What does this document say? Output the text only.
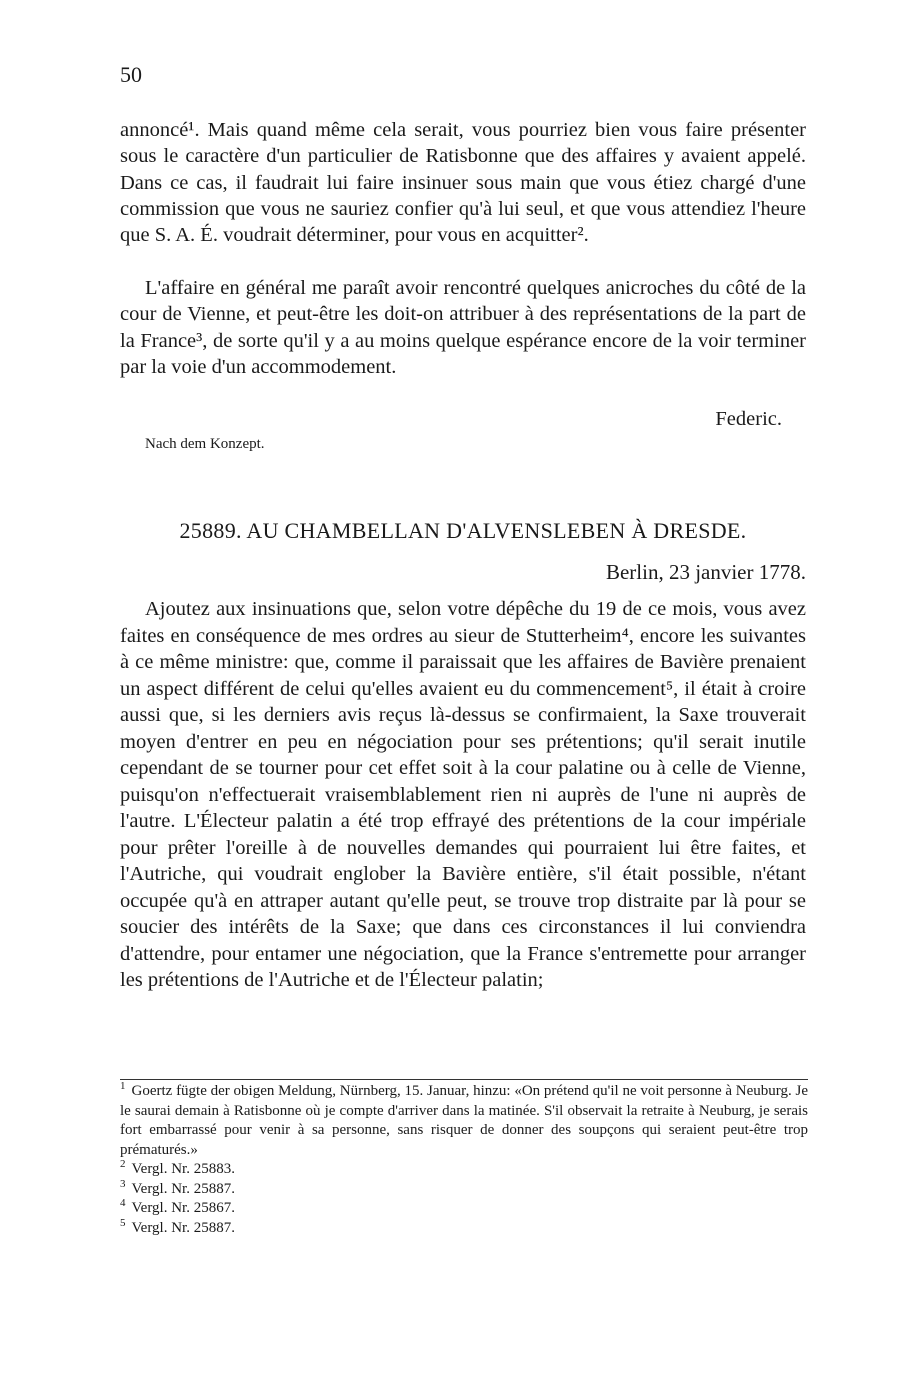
50

annoncé¹. Mais quand même cela serait, vous pourriez bien vous faire présenter sous le caractère d'un particulier de Ratisbonne que des affaires y avaient appelé. Dans ce cas, il faudrait lui faire insinuer sous main que vous étiez chargé d'une commission que vous ne sauriez confier qu'à lui seul, et que vous attendiez l'heure que S. A. É. voudrait déterminer, pour vous en acquitter².

L'affaire en général me paraît avoir rencontré quelques anicroches du côté de la cour de Vienne, et peut-être les doit-on attribuer à des représentations de la part de la France³, de sorte qu'il y a au moins quelque espérance encore de la voir terminer par la voie d'un accommodement.

Federic.
Nach dem Konzept.
25889. AU CHAMBELLAN D'ALVENSLEBEN À DRESDE.
Berlin, 23 janvier 1778.

Ajoutez aux insinuations que, selon votre dépêche du 19 de ce mois, vous avez faites en conséquence de mes ordres au sieur de Stutterheim⁴, encore les suivantes à ce même ministre: que, comme il paraissait que les affaires de Bavière prenaient un aspect différent de celui qu'elles avaient eu du commencement⁵, il était à croire aussi que, si les derniers avis reçus là-dessus se confirmaient, la Saxe trouverait moyen d'entrer en peu en négociation pour ses prétentions; qu'il serait inutile cependant de se tourner pour cet effet soit à la cour palatine ou à celle de Vienne, puisqu'on n'effectuerait vraisemblablement rien ni auprès de l'une ni auprès de l'autre. L'Électeur palatin a été trop effrayé des prétentions de la cour impériale pour prêter l'oreille à de nouvelles demandes qui pourraient lui être faites, et l'Autriche, qui voudrait englober la Bavière entière, s'il était possible, n'étant occupée qu'à en attraper autant qu'elle peut, se trouve trop distraite par là pour se soucier des intérêts de la Saxe; que dans ces circonstances il lui conviendra d'attendre, pour entamer une négociation, que la France s'entremette pour arranger les prétentions de l'Autriche et de l'Électeur palatin;

$^1$ Goertz fügte der obigen Meldung, Nürnberg, 15. Januar, hinzu: «On prétend qu'il ne voit personne à Neuburg. Je le saurai demain à Ratisbonne où je compte d'arriver dans la matinée. S'il observait la retraite à Neuburg, je serais fort embarrassé pour venir à sa personne, sans risquer de donner des soupçons qui seraient peut-être trop prématurés.»

$^2$ Vergl. Nr. 25883.

$^3$ Vergl. Nr. 25887.

$^4$ Vergl. Nr. 25867.

$^5$ Vergl. Nr. 25887.
